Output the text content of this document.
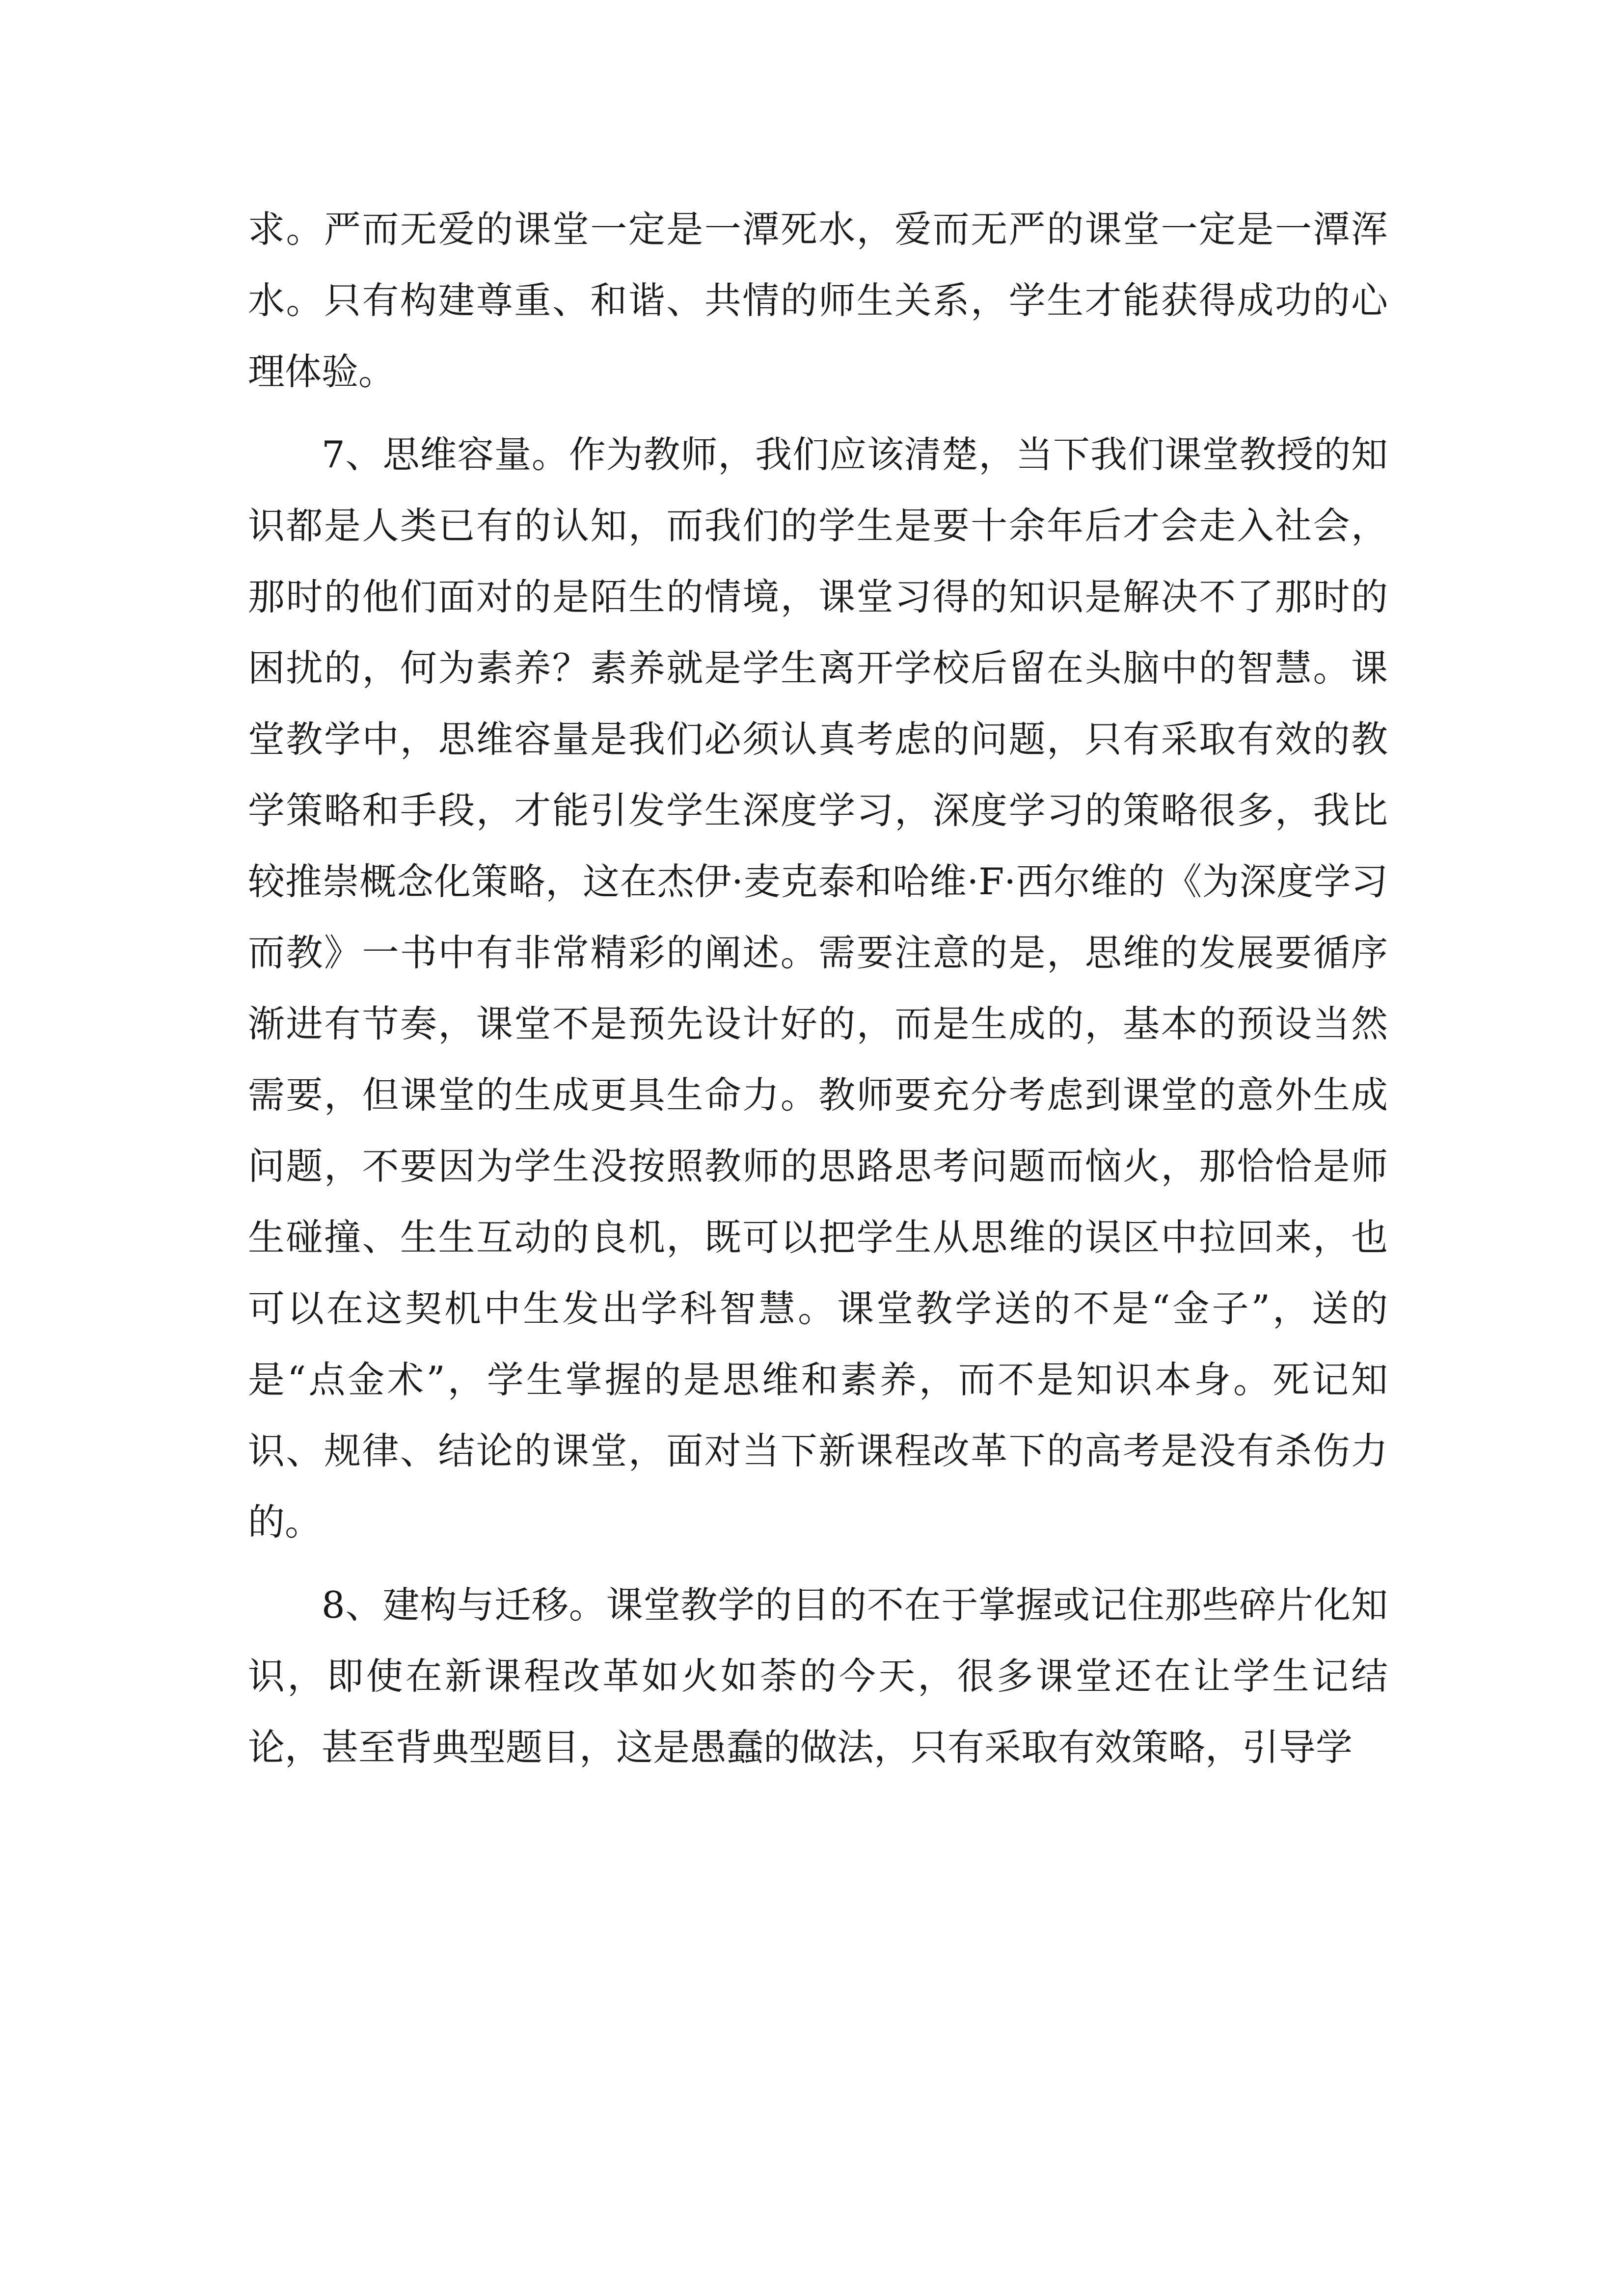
求。严而无爱的课堂一定是一潭死水，爱而无严的课堂一定是一潭浑水。只有构建尊重、和谐、共情的师生关系，学生才能获得成功的心理体验。

7、思维容量。作为教师，我们应该清楚，当下我们课堂教授的知识都是人类已有的认知，而我们的学生是要十余年后才会走入社会，那时的他们面对的是陌生的情境，课堂习得的知识是解决不了那时的困扰的，何为素养？素养就是学生离开学校后留在头脑中的智慧。课堂教学中，思维容量是我们必须认真考虑的问题，只有采取有效的教学策略和手段，才能引发学生深度学习，深度学习的策略很多，我比较推崇概念化策略，这在杰伊·麦克泰和哈维·F·西尔维的《为深度学习而教》一书中有非常精彩的阐述。需要注意的是，思维的发展要循序渐进有节奏，课堂不是预先设计好的，而是生成的，基本的预设当然需要，但课堂的生成更具生命力。教师要充分考虑到课堂的意外生成问题，不要因为学生没按照教师的思路思考问题而恼火，那恰恰是师生碰撞、生生互动的良机，既可以把学生从思维的误区中拉回来，也可以在这契机中生发出学科智慧。课堂教学送的不是“金子”，送的是“点金术”，学生掌握的是思维和素养，而不是知识本身。死记知识、规律、结论的课堂，面对当下新课程改革下的高考是没有杀伤力的。

8、建构与迁移。课堂教学的目的不在于掌握或记住那些碎片化知识，即使在新课程改革如火如荼的今天，很多课堂还在让学生记结论，甚至背典型题目，这是愚蠢的做法，只有采取有效策略，引导学
